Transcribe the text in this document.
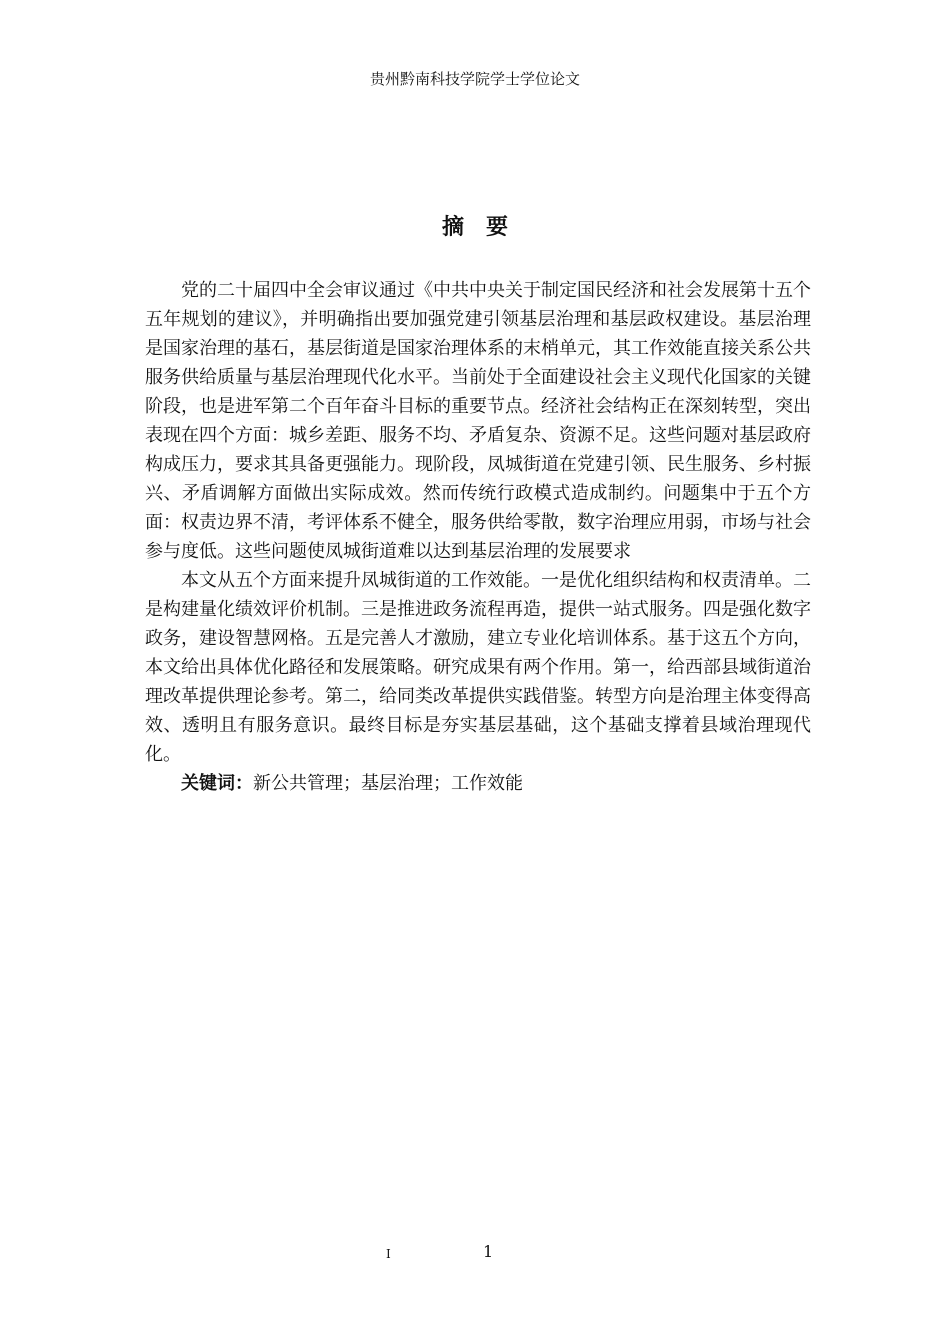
贵州黔南科技学院学士学位论文
摘　要

党的二十届四中全会审议通过《中共中央关于制定国民经济和社会发展第十五个五年规划的建议》，并明确指出要加强党建引领基层治理和基层政权建设。基层治理是国家治理的基石，基层街道是国家治理体系的末梢单元，其工作效能直接关系公共服务供给质量与基层治理现代化水平。当前处于全面建设社会主义现代化国家的关键阶段，也是进军第二个百年奋斗目标的重要节点。经济社会结构正在深刻转型，突出表现在四个方面：城乡差距、服务不均、矛盾复杂、资源不足。这些问题对基层政府构成压力，要求其具备更强能力。现阶段，凤城街道在党建引领、民生服务、乡村振兴、矛盾调解方面做出实际成效。然而传统行政模式造成制约。问题集中于五个方面：权责边界不清，考评体系不健全，服务供给零散，数字治理应用弱，市场与社会参与度低。这些问题使凤城街道难以达到基层治理的发展要求

本文从五个方面来提升凤城街道的工作效能。一是优化组织结构和权责清单。二是构建量化绩效评价机制。三是推进政务流程再造，提供一站式服务。四是强化数字政务，建设智慧网格。五是完善人才激励，建立专业化培训体系。基于这五个方向，本文给出具体优化路径和发展策略。研究成果有两个作用。第一，给西部县域街道治理改革提供理论参考。第二，给同类改革提供实践借鉴。转型方向是治理主体变得高效、透明且有服务意识。最终目标是夯实基层基础，这个基础支撑着县域治理现代化。

关键词：新公共管理；基层治理；工作效能

I	1
